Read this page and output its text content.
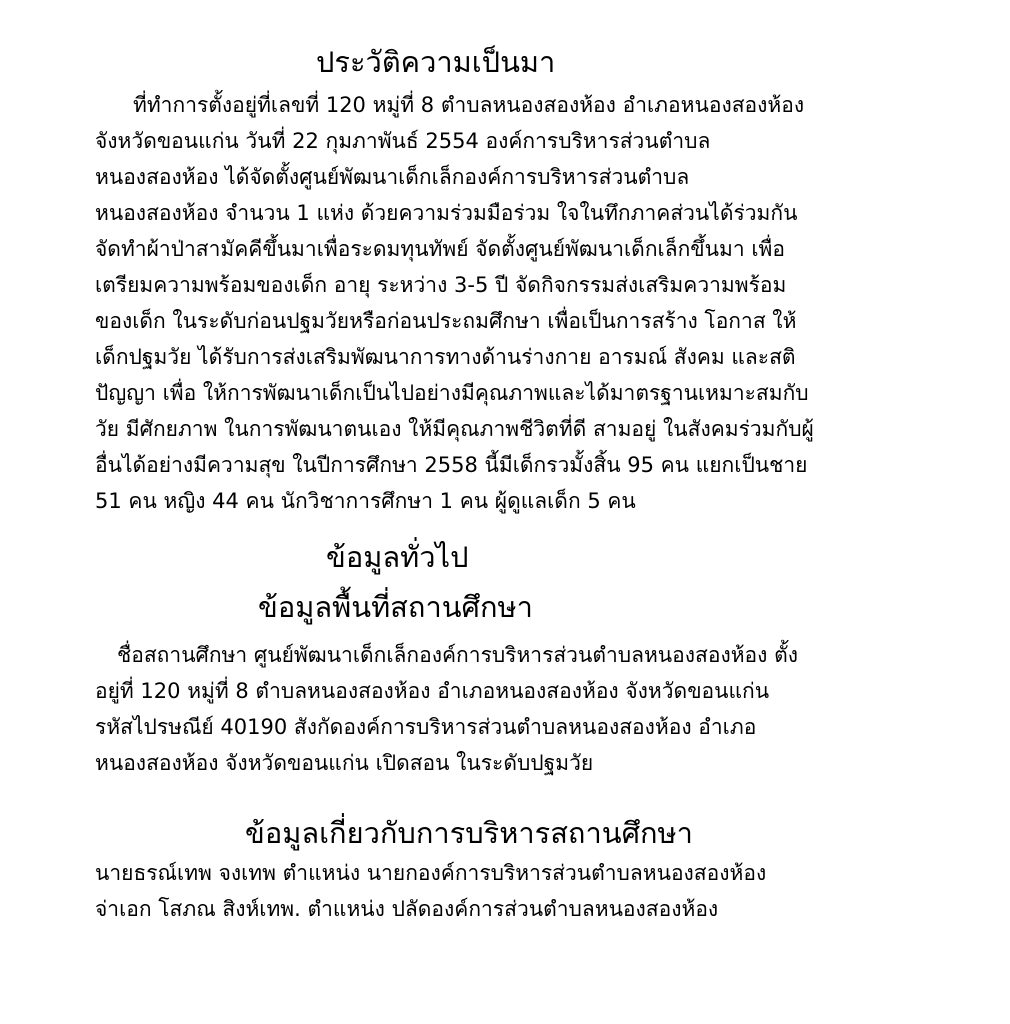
ประวัติความเป็นมา
ที่ทำการตั้งอยู่ที่เลขที่ 120 หมู่ที่ 8 ตำบลหนองสองห้อง อำเภอหนองสองห้อง
จังหวัดขอนแก่น วันที่ 22 กุมภาพันธ์ 2554 องค์การบริหารส่วนตำบล
หนองสองห้อง ได้จัดตั้งศูนย์พัฒนาเด็กเล็กองค์การบริหารส่วนตำบล
หนองสองห้อง จำนวน 1 แห่ง ด้วยความร่วมมือร่วม ใจในทึกภาคส่วนได้ร่วมกัน
จัดทำผ้าป่าสามัคคีขึ้นมาเพื่อระดมทุนทัพย์ จัดตั้งศูนย์พัฒนาเด็กเล็กขึ้นมา เพื่อ
เตรียมความพร้อมของเด็ก อายุ ระหว่าง 3-5 ปี จัดกิจกรรมส่งเสริมความพร้อม
ของเด็ก ในระดับก่อนปฐมวัยหรือก่อนประถมศึกษา เพื่อเป็นการสร้าง โอกาส ให้
เด็กปฐมวัย ได้รับการส่งเสริมพัฒนาการทางด้านร่างกาย อารมณ์ สังคม และสติ
ปัญญา เพื่อ ให้การพัฒนาเด็กเป็นไปอย่างมีคุณภาพและได้มาตรฐานเหมาะสมกับ
วัย มีศักยภาพ ในการพัฒนาตนเอง ให้มีคุณภาพชีวิตที่ดี สามอยู่ ในสังคมร่วมกับผู้
อื่นได้อย่างมีความสุข ในปีการศึกษา 2558 นี้มีเด็กรวมั้งสิ้น 95 คน แยกเป็นชาย
51 คน หญิง 44 คน นักวิชาการศึกษา 1 คน ผู้ดูแลเด็ก 5 คน
ข้อมูลทั่วไป
ข้อมูลพื้นที่สถานศึกษา
ชื่อสถานศึกษา ศูนย์พัฒนาเด็กเล็กองค์การบริหารส่วนตำบลหนองสองห้อง ตั้ง
อยู่ที่ 120 หมู่ที่ 8 ตำบลหนองสองห้อง อำเภอหนองสองห้อง จังหวัดขอนแก่น
รหัสไปรษณีย์ 40190 สังกัดองค์การบริหารส่วนตำบลหนองสองห้อง อำเภอ
หนองสองห้อง จังหวัดขอนแก่น เปิดสอน ในระดับปฐมวัย
ข้อมูลเกี่ยวกับการบริหารสถานศึกษา
นายธรณ์เทพ จงเทพ ตำแหน่ง นายกองค์การบริหารส่วนตำบลหนองสองห้อง
จ่าเอก โสภณ สิงห์เทพ. ตำแหน่ง ปลัดองค์การส่วนตำบลหนองสองห้อง
